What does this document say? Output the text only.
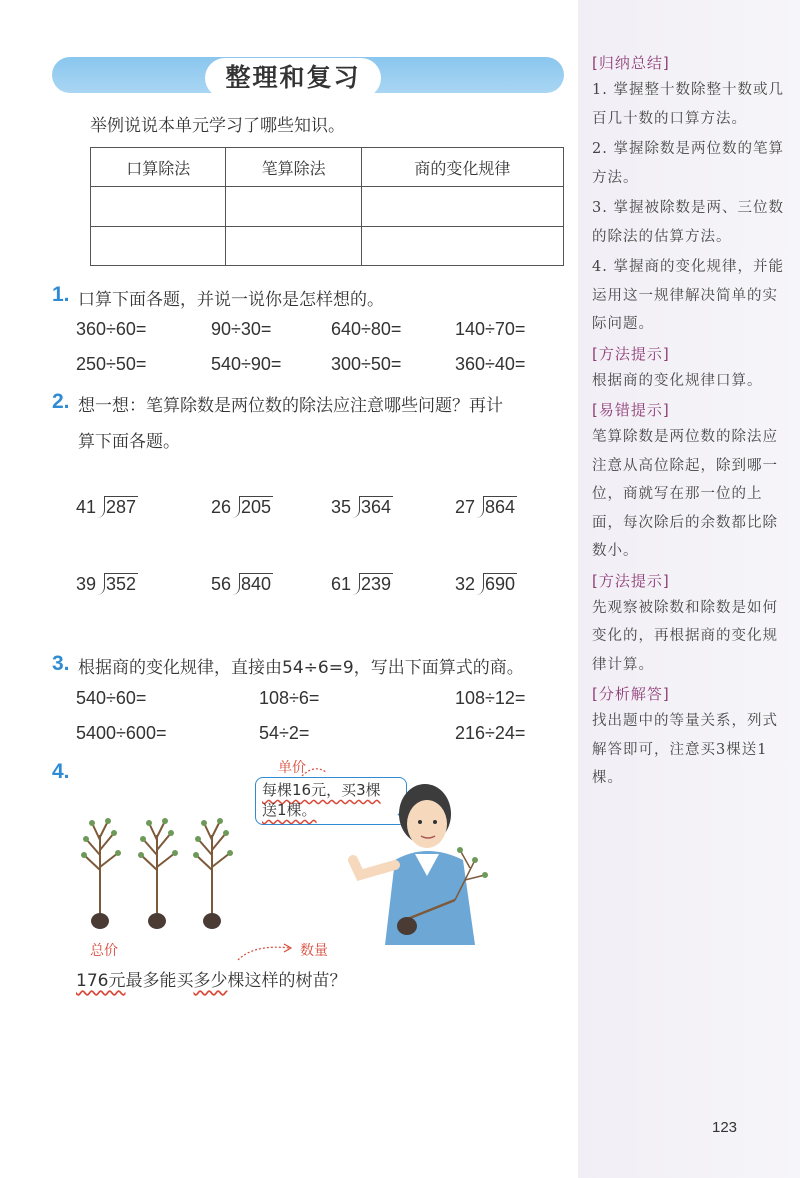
整理和复习
举例说说本单元学习了哪些知识。
口算除法	笔算除法	商的变化规律

1. 口算下面各题，并说一说你是怎样想的。
360÷60=	90÷30=	640÷80=	140÷70=
250÷50=	540÷90=	300÷50=	360÷40=
2. 想一想：笔算除数是两位数的除法应注意哪些问题？再计
算下面各题。
41 287	26 205	35 364	27 864
39 352	56 840	61 239	32 690
3. 根据商的变化规律，直接由54÷6=9，写出下面算式的商。
540÷60=	108÷6=	108÷12=
5400÷600=	54÷2=	216÷24=
4.	单价
每棵16元，买3棵
送1棵。
总价	数量
176元最多能买多少棵这样的树苗？
[归纳总结]
1. 掌握整十数除整十数或几百几十数的口算方法。
2. 掌握除数是两位数的笔算方法。
3. 掌握被除数是两、三位数的除法的估算方法。
4. 掌握商的变化规律，并能运用这一规律解决简单的实际问题。
[方法提示]
根据商的变化规律口算。
[易错提示]
笔算除数是两位数的除法应注意从高位除起，除到哪一位，商就写在那一位的上面，每次除后的余数都比除数小。
[方法提示]
先观察被除数和除数是如何变化的，再根据商的变化规律计算。
[分析解答]
找出题中的等量关系，列式解答即可，注意买3棵送1棵。
123
